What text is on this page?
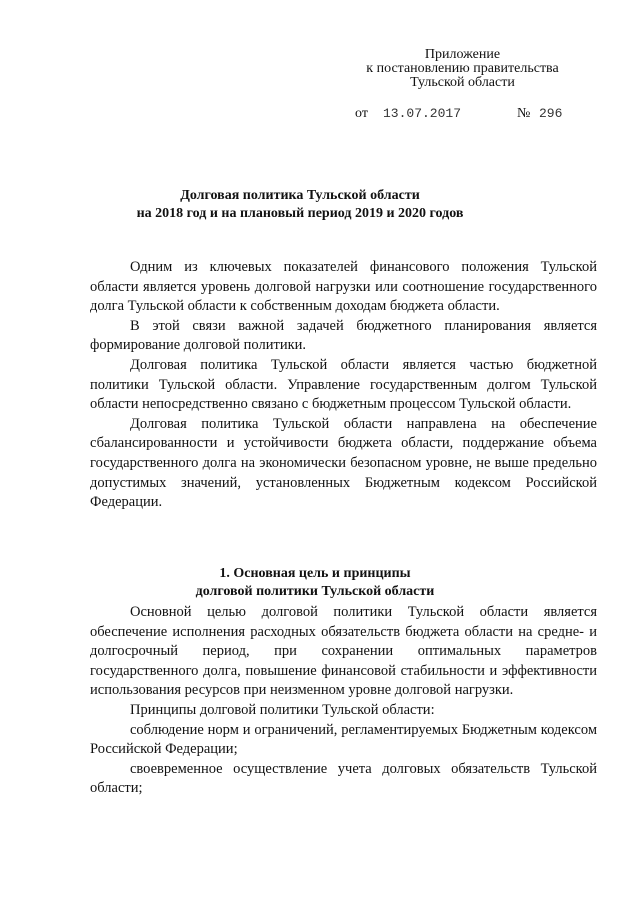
Приложение
к постановлению правительства
Тульской области
от 13.07.2017	№ 296
Долговая политика Тульской области
на 2018 год и на плановый период 2019 и 2020 годов

Одним из ключевых показателей финансового положения Тульской области является уровень долговой нагрузки или соотношение государственного долга Тульской области к собственным доходам бюджета области.

В этой связи важной задачей бюджетного планирования является формирование долговой политики.

Долговая политика Тульской области является частью бюджетной политики Тульской области. Управление государственным долгом Тульской области непосредственно связано с бюджетным процессом Тульской области.

Долговая политика Тульской области направлена на обеспечение сбалансированности и устойчивости бюджета области, поддержание объема государственного долга на экономически безопасном уровне, не выше предельно допустимых значений, установленных Бюджетным кодексом Российской Федерации.

1. Основная цель и принципы
долговой политики Тульской области

Основной целью долговой политики Тульской области является обеспечение исполнения расходных обязательств бюджета области на средне- и долгосрочный период, при сохранении оптимальных параметров государственного долга, повышение финансовой стабильности и эффективности использования ресурсов при неизменном уровне долговой нагрузки.

Принципы долговой политики Тульской области:

соблюдение норм и ограничений, регламентируемых Бюджетным кодексом Российской Федерации;

своевременное осуществление учета долговых обязательств Тульской области;
